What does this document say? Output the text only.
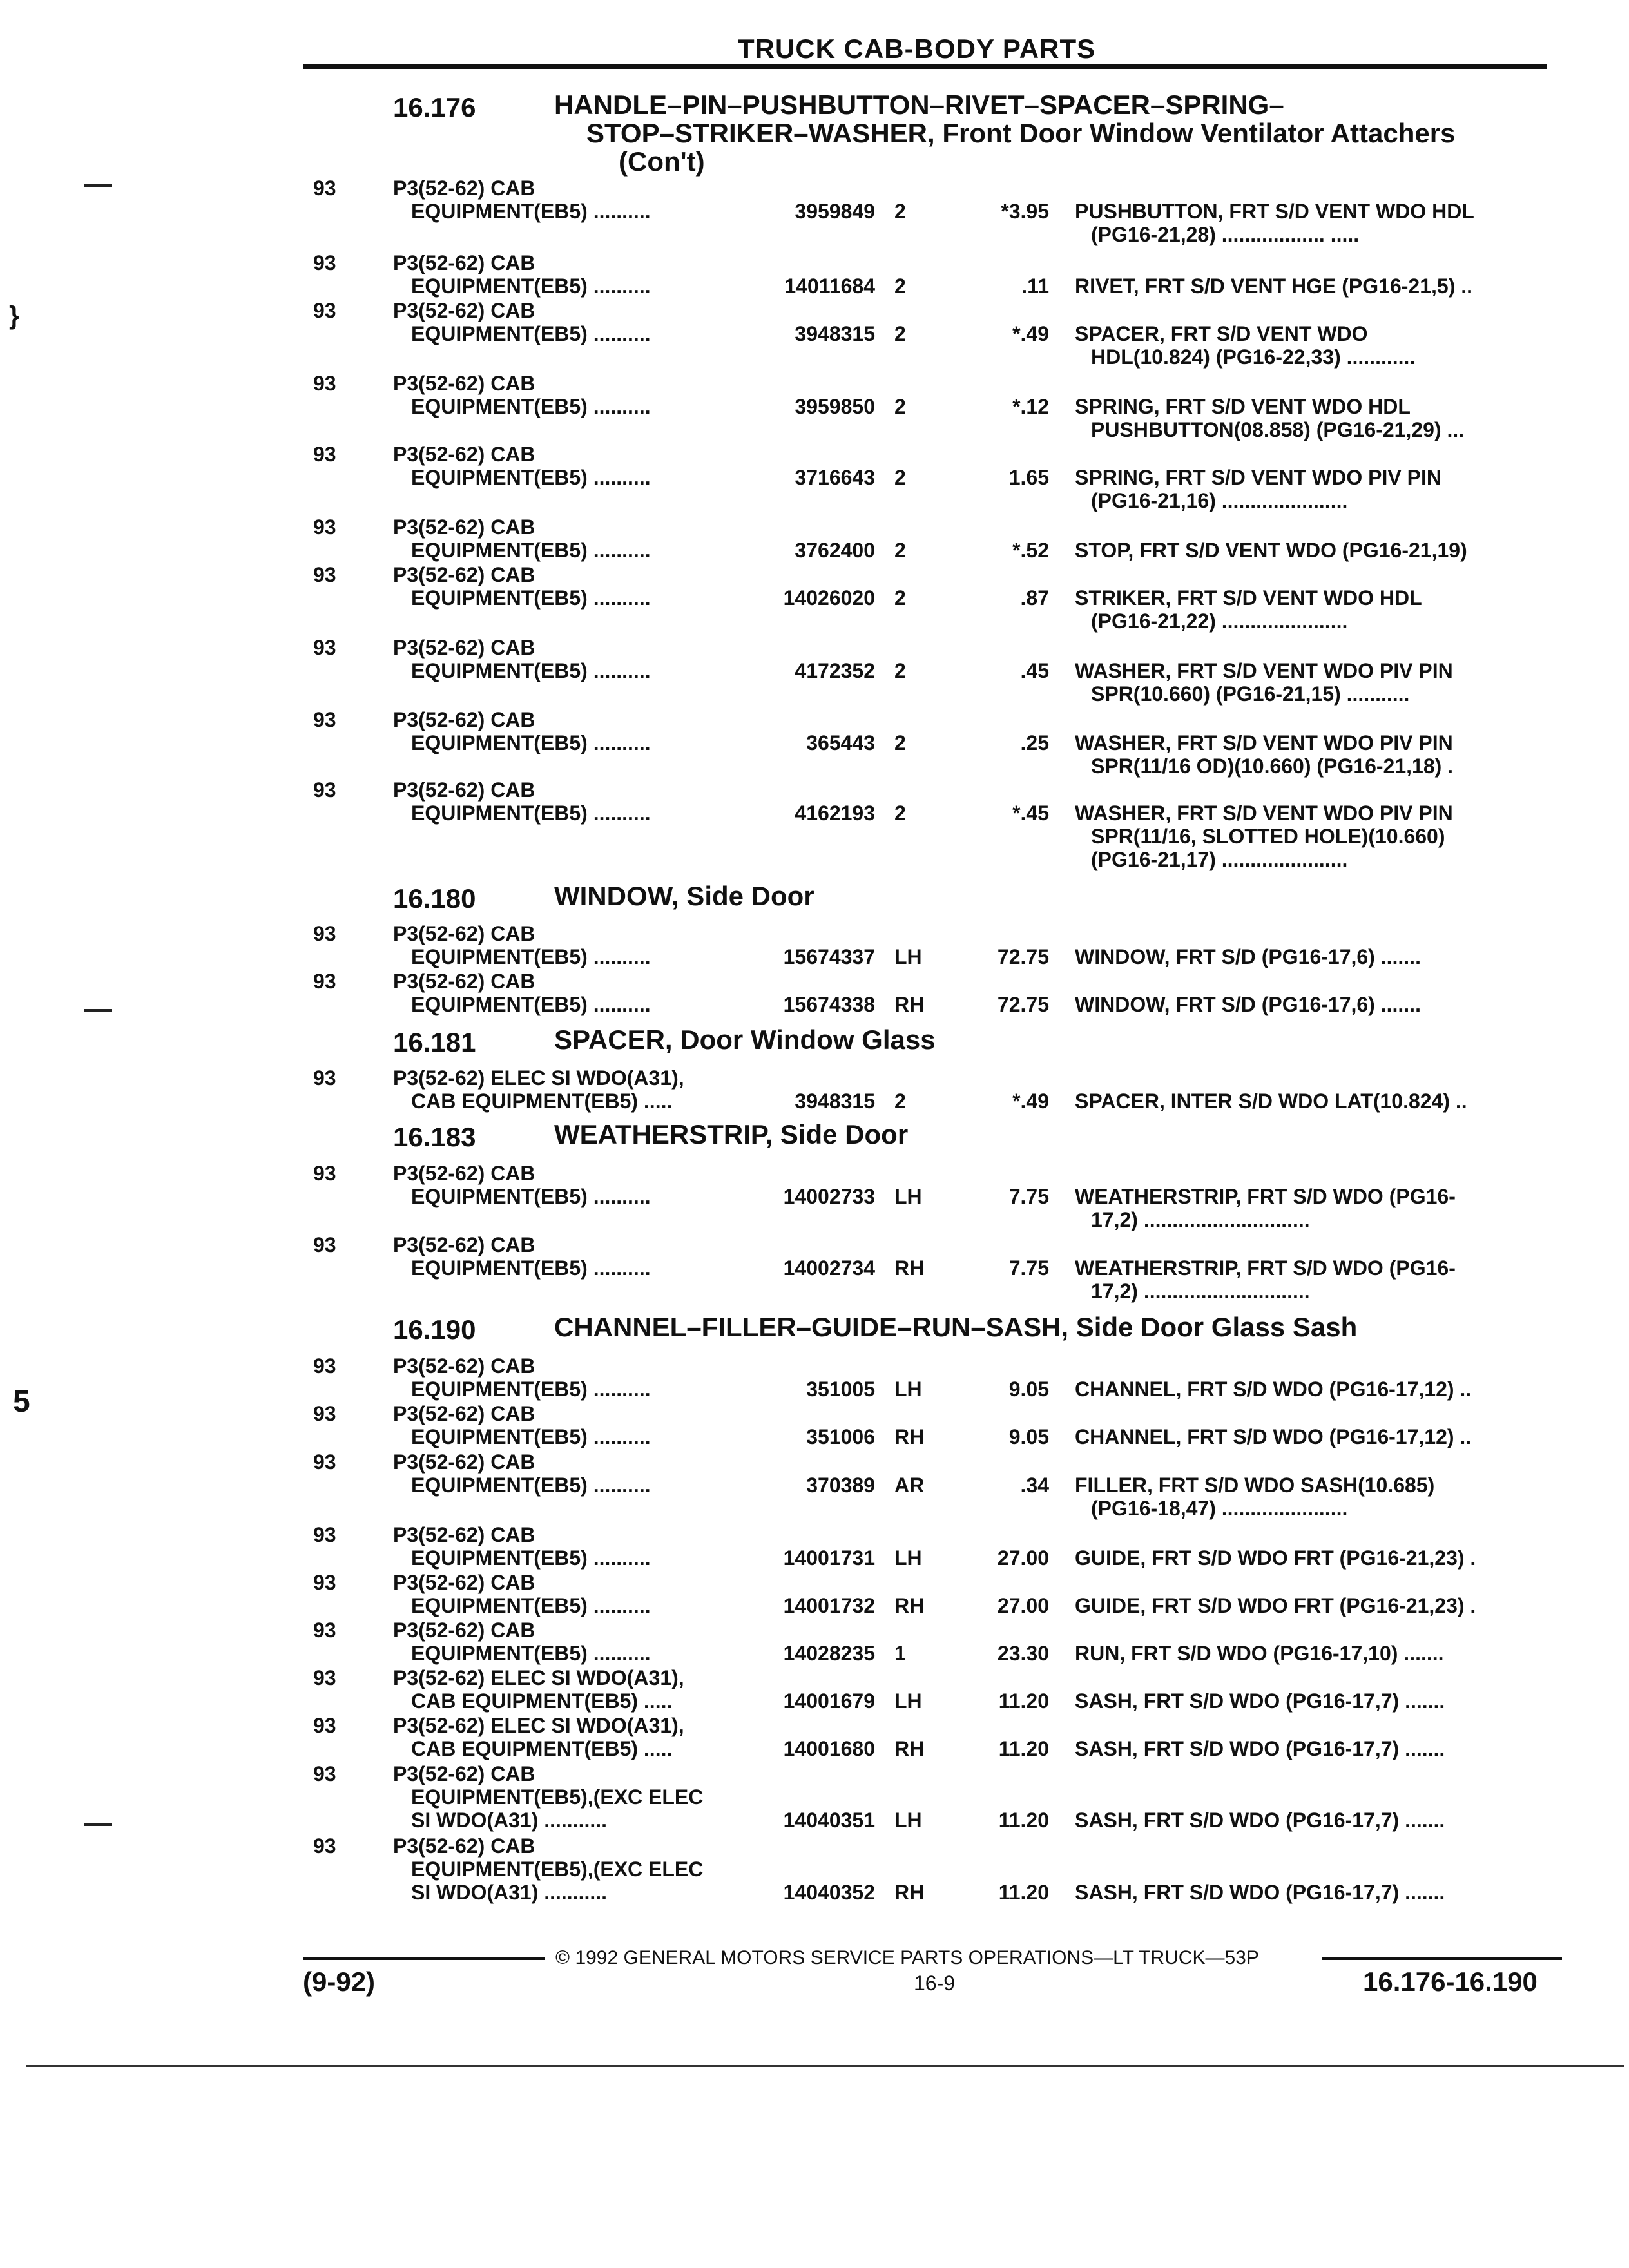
TRUCK CAB-BODY PARTS
16.176	HANDLE–PIN–PUSHBUTTON–RIVET–SPACER–SPRING–
STOP–STRIKER–WASHER, Front Door Window Ventilator Attachers
(Con't)
93	P3(52-62) CAB
EQUIPMENT(EB5) ..........	3959849 2	*3.95 PUSHBUTTON, FRT S/D VENT WDO HDL
(PG16-21,28) .................. .....
93	P3(52-62) CAB
EQUIPMENT(EB5) ..........	14011684 2	.11 RIVET, FRT S/D VENT HGE (PG16-21,5) ..
93	P3(52-62) CAB
EQUIPMENT(EB5) ..........	3948315 2	*.49 SPACER, FRT S/D VENT WDO
HDL(10.824) (PG16-22,33) ............
93	P3(52-62) CAB
EQUIPMENT(EB5) ..........	3959850 2	*.12 SPRING, FRT S/D VENT WDO HDL
PUSHBUTTON(08.858) (PG16-21,29) ...
93	P3(52-62) CAB
EQUIPMENT(EB5) ..........	3716643 2	1.65 SPRING, FRT S/D VENT WDO PIV PIN
(PG16-21,16) ......................
93	P3(52-62) CAB
EQUIPMENT(EB5) ..........	3762400 2	*.52 STOP, FRT S/D VENT WDO (PG16-21,19)
93	P3(52-62) CAB
EQUIPMENT(EB5) ..........	14026020 2	.87 STRIKER, FRT S/D VENT WDO HDL
(PG16-21,22) ......................
93	P3(52-62) CAB
EQUIPMENT(EB5) ..........	4172352 2	.45 WASHER, FRT S/D VENT WDO PIV PIN
SPR(10.660) (PG16-21,15) ...........
93	P3(52-62) CAB
EQUIPMENT(EB5) ..........	365443 2	.25 WASHER, FRT S/D VENT WDO PIV PIN
SPR(11/16 OD)(10.660) (PG16-21,18) .
93	P3(52-62) CAB
EQUIPMENT(EB5) ..........	4162193 2	*.45 WASHER, FRT S/D VENT WDO PIV PIN
SPR(11/16, SLOTTED HOLE)(10.660)
(PG16-21,17) ......................
16.180	WINDOW, Side Door
93	P3(52-62) CAB
EQUIPMENT(EB5) ..........	15674337 LH	72.75 WINDOW, FRT S/D (PG16-17,6) .......
93	P3(52-62) CAB
EQUIPMENT(EB5) ..........	15674338 RH	72.75 WINDOW, FRT S/D (PG16-17,6) .......
16.181	SPACER, Door Window Glass
93	P3(52-62) ELEC SI WDO(A31),
CAB EQUIPMENT(EB5) .....	3948315 2	*.49 SPACER, INTER S/D WDO LAT(10.824) ..
16.183	WEATHERSTRIP, Side Door
93	P3(52-62) CAB
EQUIPMENT(EB5) ..........	14002733 LH	7.75 WEATHERSTRIP, FRT S/D WDO (PG16-
17,2) .............................
93	P3(52-62) CAB
EQUIPMENT(EB5) ..........	14002734 RH	7.75 WEATHERSTRIP, FRT S/D WDO (PG16-
17,2) .............................
16.190	CHANNEL–FILLER–GUIDE–RUN–SASH, Side Door Glass Sash
93	P3(52-62) CAB
EQUIPMENT(EB5) ..........	351005 LH	9.05 CHANNEL, FRT S/D WDO (PG16-17,12) ..
93	P3(52-62) CAB
EQUIPMENT(EB5) ..........	351006 RH	9.05 CHANNEL, FRT S/D WDO (PG16-17,12) ..
93	P3(52-62) CAB
EQUIPMENT(EB5) ..........	370389 AR	.34 FILLER, FRT S/D WDO SASH(10.685)
(PG16-18,47) ......................
93	P3(52-62) CAB
EQUIPMENT(EB5) ..........	14001731 LH	27.00 GUIDE, FRT S/D WDO FRT (PG16-21,23) .
93	P3(52-62) CAB
EQUIPMENT(EB5) ..........	14001732 RH	27.00 GUIDE, FRT S/D WDO FRT (PG16-21,23) .
93	P3(52-62) CAB
EQUIPMENT(EB5) ..........	14028235 1	23.30 RUN, FRT S/D WDO (PG16-17,10) .......
93	P3(52-62) ELEC SI WDO(A31),
CAB EQUIPMENT(EB5) .....	14001679 LH	11.20 SASH, FRT S/D WDO (PG16-17,7) .......
93	P3(52-62) ELEC SI WDO(A31),
CAB EQUIPMENT(EB5) .....	14001680 RH	11.20 SASH, FRT S/D WDO (PG16-17,7) .......
93	P3(52-62) CAB
EQUIPMENT(EB5),(EXC ELEC
SI WDO(A31) ...........	14040351 LH	11.20 SASH, FRT S/D WDO (PG16-17,7) .......
93	P3(52-62) CAB
EQUIPMENT(EB5),(EXC ELEC
SI WDO(A31) ...........	14040352 RH	11.20 SASH, FRT S/D WDO (PG16-17,7) .......
© 1992 GENERAL MOTORS SERVICE PARTS OPERATIONS—LT TRUCK—53P
(9-92)	16-9	16.176-16.190
}
5
